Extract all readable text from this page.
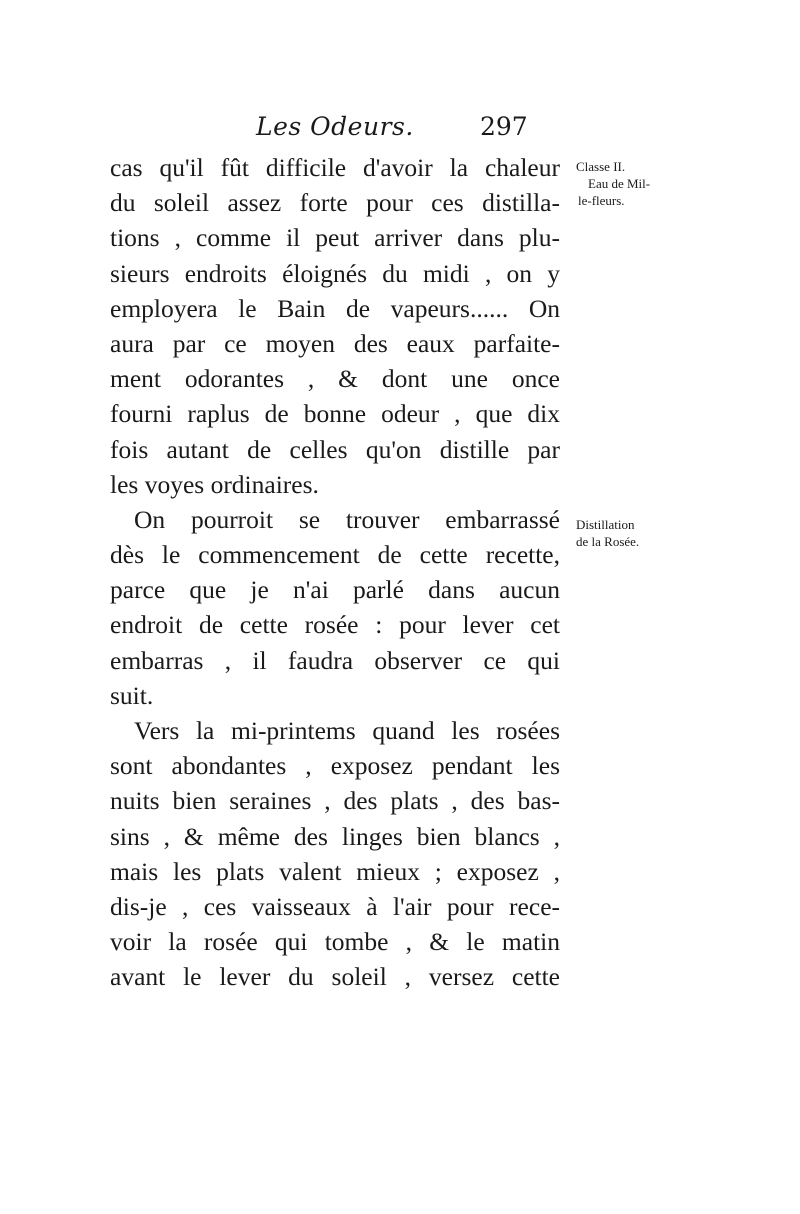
Les Odeurs.	297
cas qu'il fût difficile d'avoir la chaleur
du soleil assez forte pour ces distilla-
tions , comme il peut arriver dans plu-
sieurs endroits éloignés du midi , on y
employera le Bain de vapeurs...... On
aura par ce moyen des eaux parfaite-
ment odorantes , & dont une once
fourni raplus de bonne odeur , que dix
fois autant de celles qu'on distille par
les voyes ordinaires.
On pourroit se trouver embarrassé
dès le commencement de cette recette,
parce que je n'ai parlé dans aucun
endroit de cette rosée : pour lever cet
embarras , il faudra observer ce qui
suit.
Vers la mi-printems quand les rosées
sont abondantes , exposez pendant les
nuits bien seraines , des plats , des bas-
sins , & même des linges bien blancs ,
mais les plats valent mieux ; exposez ,
dis-je , ces vaisseaux à l'air pour rece-
voir la rosée qui tombe , & le matin
avant le lever du soleil , versez cette
Classe II.
Eau de Mil-
le-fleurs.
Distillation
de la Rosée.
